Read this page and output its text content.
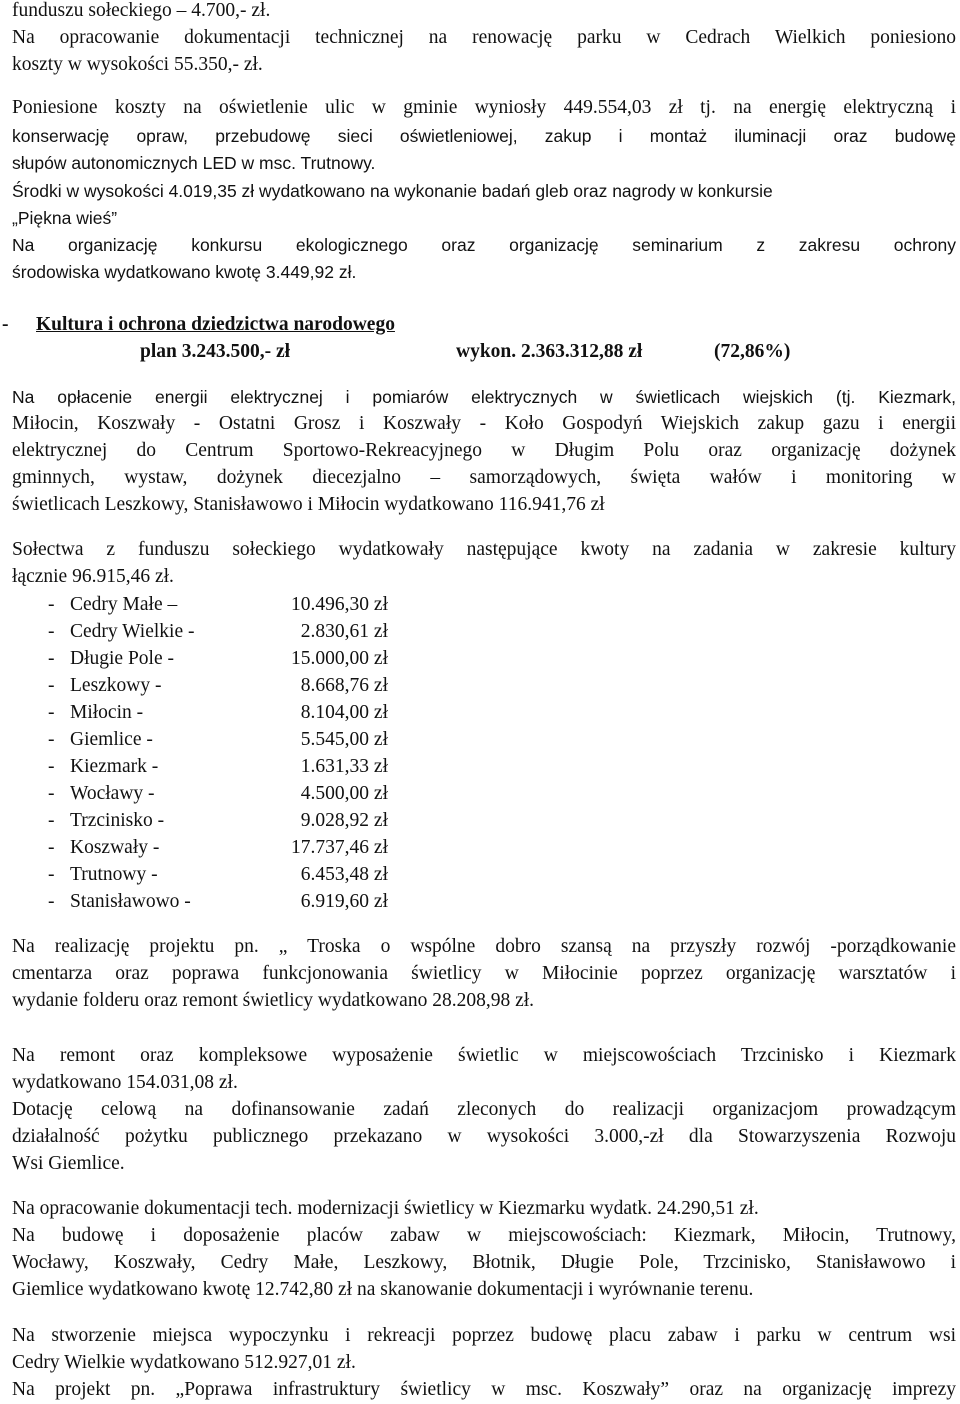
funduszu sołeckiego – 4.700,- zł.
Na opracowanie dokumentacji technicznej na renowację parku w Cedrach Wielkich poniesiono
koszty w wysokości 55.350,- zł.
Poniesione koszty na oświetlenie ulic w gminie wyniosły 449.554,03 zł tj. na energię elektryczną i
konserwację opraw, przebudowę sieci oświetleniowej, zakup i montaż iluminacji oraz budowę
słupów autonomicznych LED w msc. Trutnowy.
Środki w wysokości 4.019,35 zł wydatkowano na wykonanie badań gleb oraz nagrody w konkursie
„Piękna wieś”
Na organizację konkursu ekologicznego oraz organizację seminarium z zakresu ochrony
środowiska wydatkowano kwotę 3.449,92 zł.
- Kultura i ochrona dziedzictwa narodowego
plan 3.243.500,- zł	wykon. 2.363.312,88 zł	(72,86%)
Na opłacenie energii elektrycznej i pomiarów elektrycznych w świetlicach wiejskich (tj. Kiezmark,
Miłocin, Koszwały - Ostatni Grosz i Koszwały - Koło Gospodyń Wiejskich zakup gazu i energii
elektrycznej do Centrum Sportowo-Rekreacyjnego w Długim Polu oraz organizację dożynek
gminnych, wystaw, dożynek diecezjalno – samorządowych, święta wałów i monitoring w
świetlicach Leszkowy, Stanisławowo i Miłocin wydatkowano 116.941,76 zł
Sołectwa z funduszu sołeckiego wydatkowały następujące kwoty na zadania w zakresie kultury
łącznie 96.915,46 zł.
- Cedry Małe –	10.496,30 zł
- Cedry Wielkie -	2.830,61 zł
- Długie Pole -	15.000,00 zł
- Leszkowy -	8.668,76 zł
- Miłocin -	8.104,00 zł
- Giemlice -	5.545,00 zł
- Kiezmark -	1.631,33 zł
- Wocławy -	4.500,00 zł
- Trzcinisko -	9.028,92 zł
- Koszwały -	17.737,46 zł
- Trutnowy -	6.453,48 zł
- Stanisławowo -	6.919,60 zł
Na realizację projektu pn. „ Troska o wspólne dobro szansą na przyszły rozwój -porządkowanie
cmentarza oraz poprawa funkcjonowania świetlicy w Miłocinie poprzez organizację warsztatów i
wydanie folderu oraz remont świetlicy wydatkowano 28.208,98 zł.
Na remont oraz kompleksowe wyposażenie świetlic w miejscowościach Trzcinisko i Kiezmark
wydatkowano 154.031,08 zł.
Dotację celową na dofinansowanie zadań zleconych do realizacji organizacjom prowadzącym
działalność pożytku publicznego przekazano w wysokości 3.000,-zł dla Stowarzyszenia Rozwoju
Wsi Giemlice.
Na opracowanie dokumentacji tech. modernizacji świetlicy w Kiezmarku wydatk. 24.290,51 zł.
Na budowę i doposażenie placów zabaw w miejscowościach: Kiezmark, Miłocin, Trutnowy,
Wocławy, Koszwały, Cedry Małe, Leszkowy, Błotnik, Długie Pole, Trzcinisko, Stanisławowo i
Giemlice wydatkowano kwotę 12.742,80 zł na skanowanie dokumentacji i wyrównanie terenu.
Na stworzenie miejsca wypoczynku i rekreacji poprzez budowę placu zabaw i parku w centrum wsi
Cedry Wielkie wydatkowano 512.927,01 zł.
Na projekt pn. „Poprawa infrastruktury świetlicy w msc. Koszwały” oraz na organizację imprezy
